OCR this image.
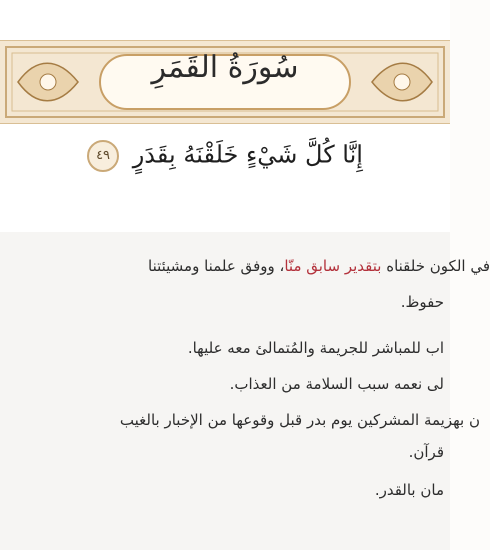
سُورَةُ القَمَرِ
إِنَّا كُلَّ شَيْءٍ خَلَقْنَهُ بِقَدَرٍ ٤٩
في الكون خلقناه بتقدير سابق منّا، ووفق علمنا ومشيئتنا
حفوظ.
اب للمباشر للجريمة والمُتمالئ معه عليها.
لى نعمه سبب السلامة من العذاب.
ن بهزيمة المشركين يوم بدر قبل وقوعها من الإخبار بالغيب
قرآن.
مان بالقدر.
